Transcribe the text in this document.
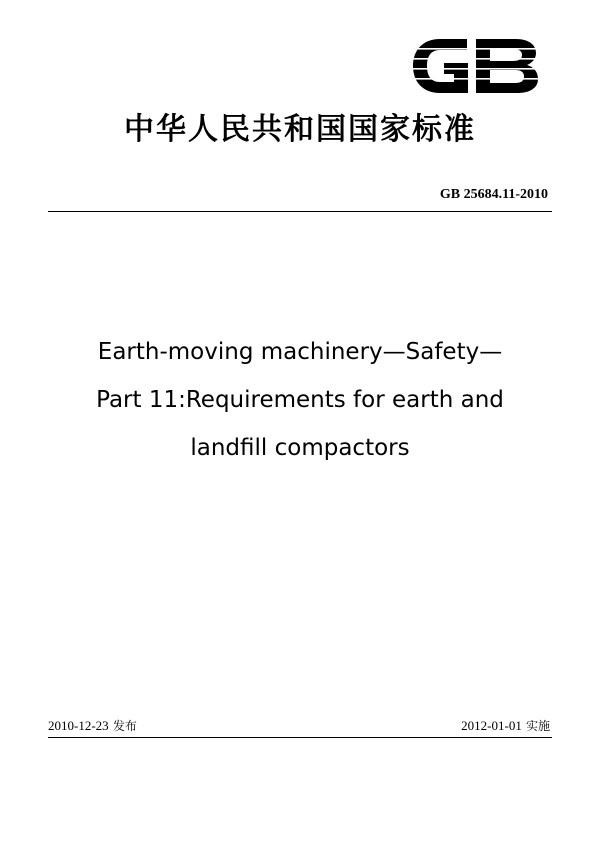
中华人民共和国国家标准
GB 25684.11-2010
Earth-moving machinery—Safety—
Part 11:Requirements for earth and
landfill compactors
2010-12-23 发布	2012-01-01 实施
